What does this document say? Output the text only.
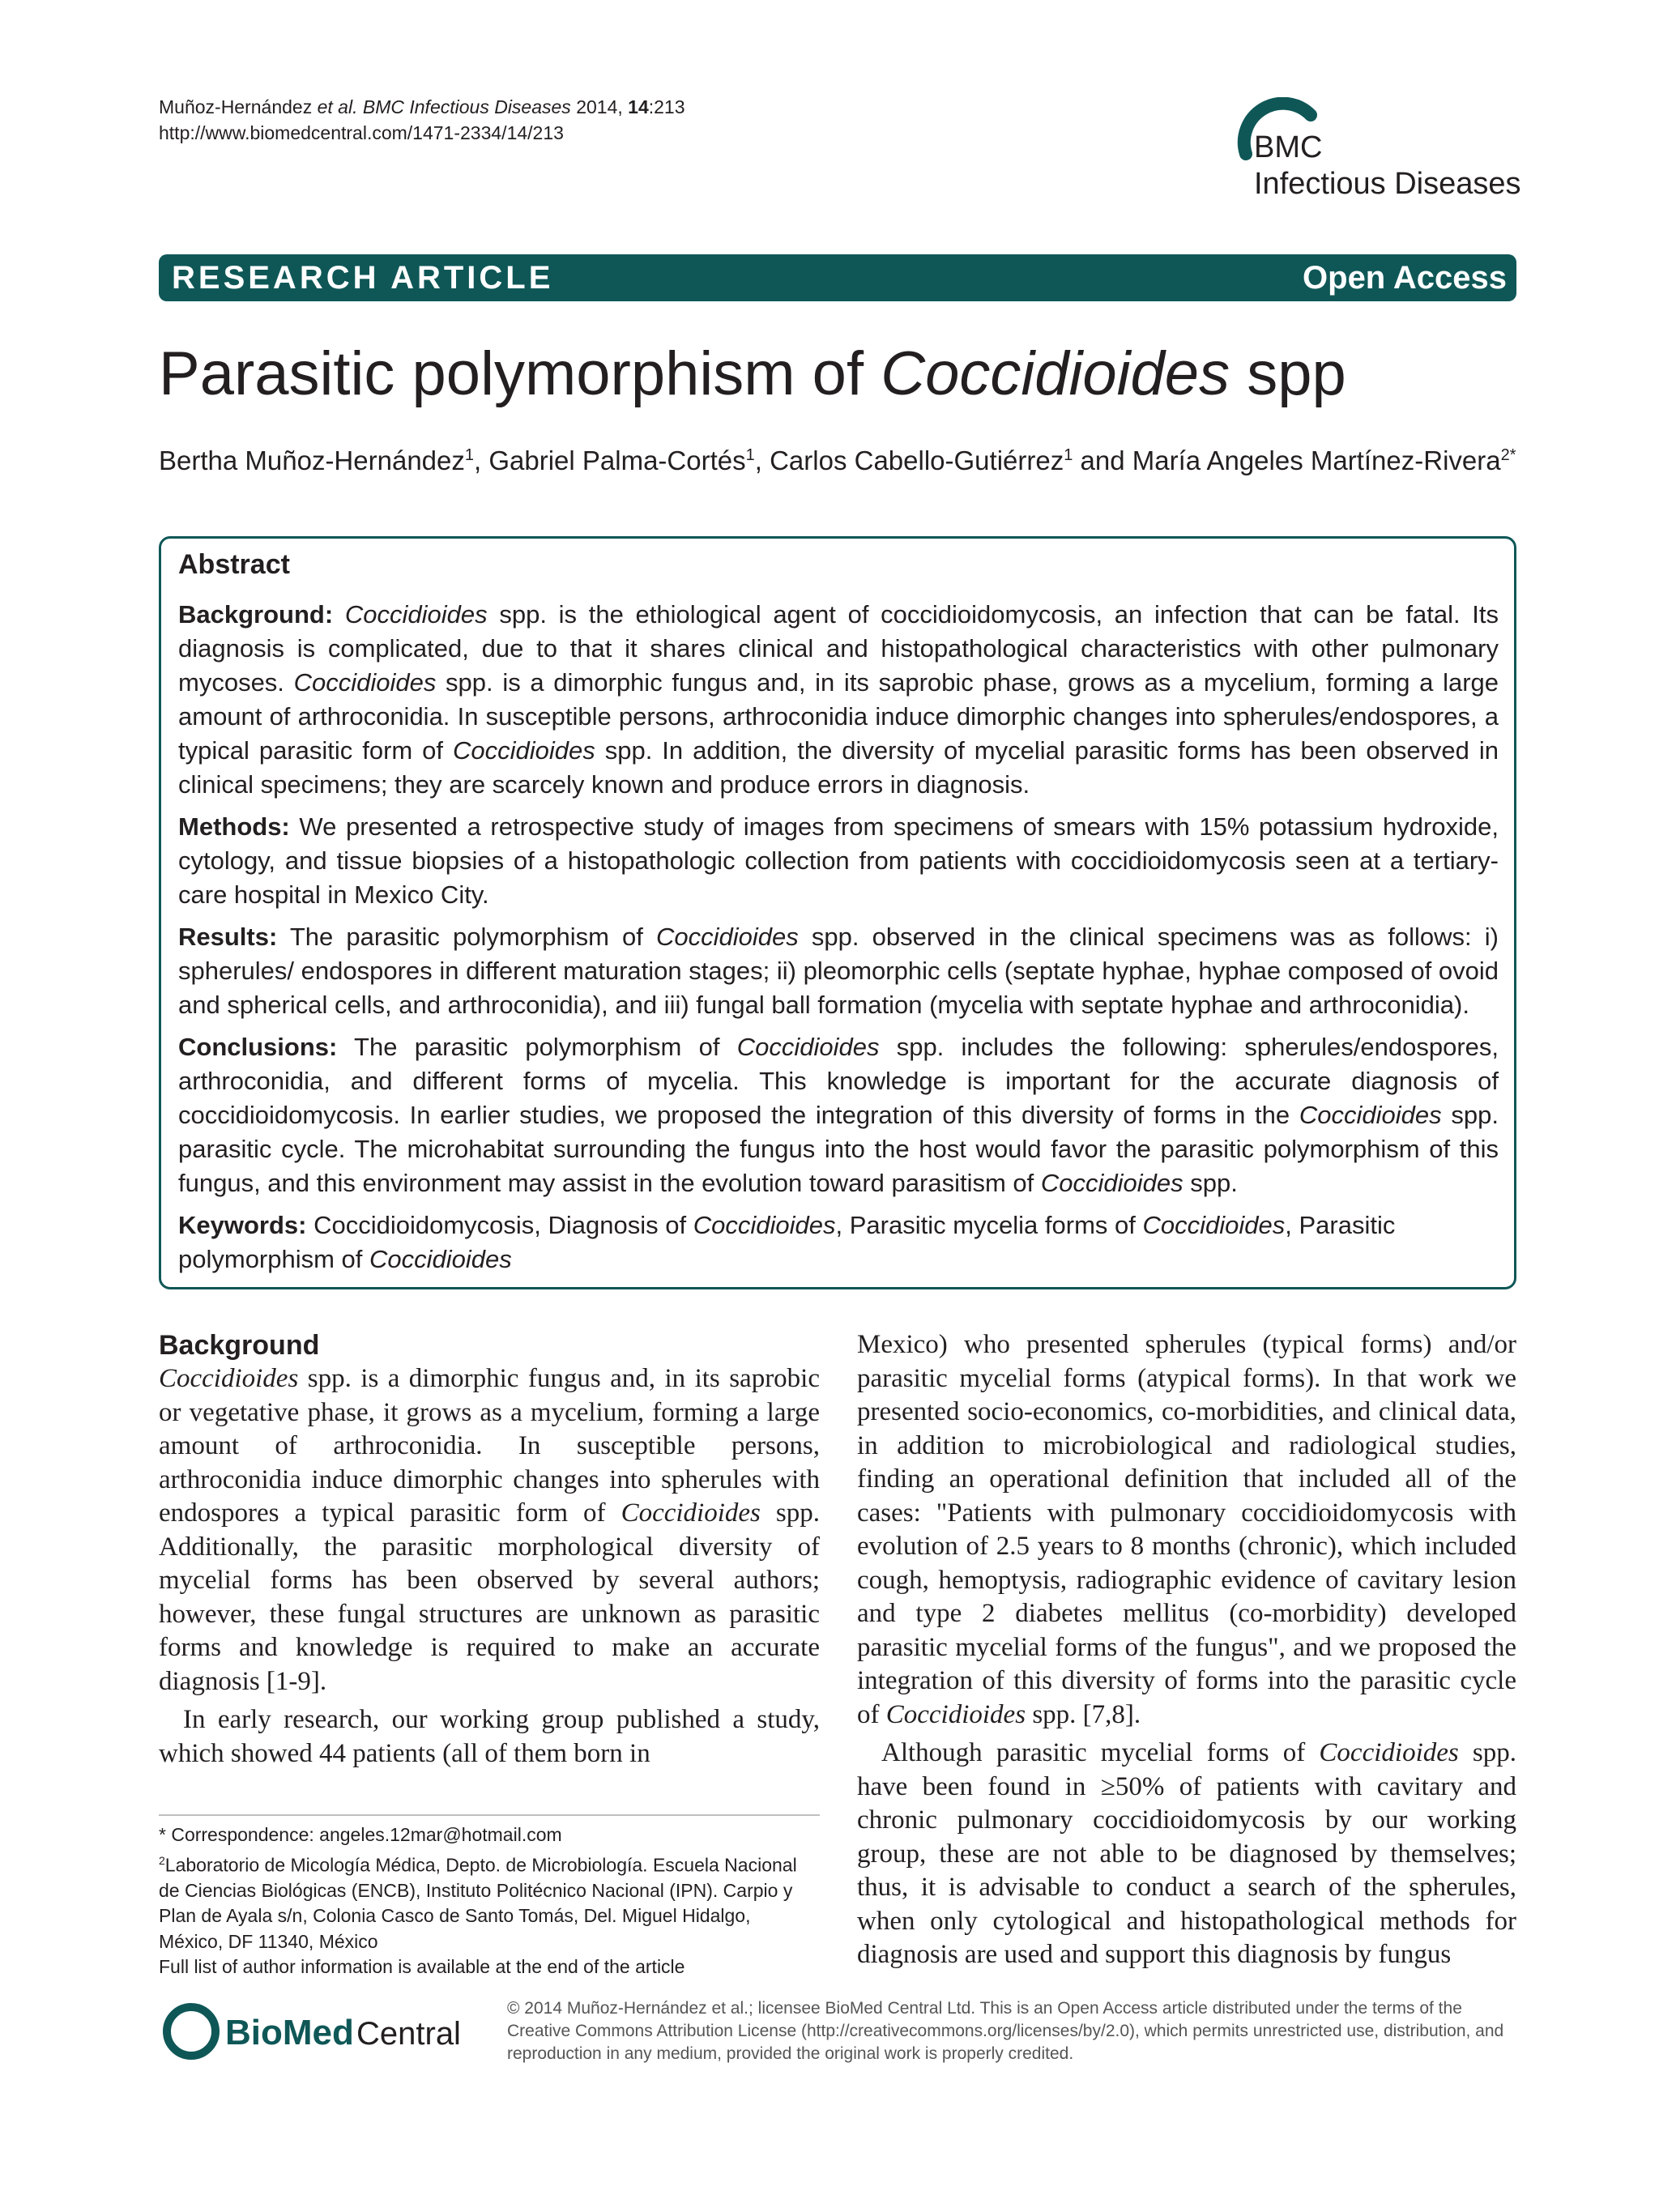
Muñoz-Hernández et al. BMC Infectious Diseases 2014, 14:213
http://www.biomedcentral.com/1471-2334/14/213	BMC
Infectious Diseases
RESEARCH ARTICLE	Open Access
Parasitic polymorphism of Coccidioides spp
Bertha Muñoz-Hernández$^1$, Gabriel Palma-Cortés$^1$, Carlos Cabello-Gutiérrez$^1$ and María Angeles Martínez-Rivera$^{2*}$

Abstract

Background: Coccidioides spp. is the ethiological agent of coccidioidomycosis, an infection that can be fatal. Its diagnosis is complicated, due to that it shares clinical and histopathological characteristics with other pulmonary mycoses. Coccidioides spp. is a dimorphic fungus and, in its saprobic phase, grows as a mycelium, forming a large amount of arthroconidia. In susceptible persons, arthroconidia induce dimorphic changes into spherules/endospores, a typical parasitic form of Coccidioides spp. In addition, the diversity of mycelial parasitic forms has been observed in clinical specimens; they are scarcely known and produce errors in diagnosis.

Methods: We presented a retrospective study of images from specimens of smears with 15% potassium hydroxide, cytology, and tissue biopsies of a histopathologic collection from patients with coccidioidomycosis seen at a tertiary-care hospital in Mexico City.

Results: The parasitic polymorphism of Coccidioides spp. observed in the clinical specimens was as follows: i) spherules/ endospores in different maturation stages; ii) pleomorphic cells (septate hyphae, hyphae composed of ovoid and spherical cells, and arthroconidia), and iii) fungal ball formation (mycelia with septate hyphae and arthroconidia).

Conclusions: The parasitic polymorphism of Coccidioides spp. includes the following: spherules/endospores, arthroconidia, and different forms of mycelia. This knowledge is important for the accurate diagnosis of coccidioidomycosis. In earlier studies, we proposed the integration of this diversity of forms in the Coccidioides spp. parasitic cycle. The microhabitat surrounding the fungus into the host would favor the parasitic polymorphism of this fungus, and this environment may assist in the evolution toward parasitism of Coccidioides spp.

Keywords: Coccidioidomycosis, Diagnosis of Coccidioides, Parasitic mycelia forms of Coccidioides, Parasitic polymorphism of Coccidioides

Background

Coccidioides spp. is a dimorphic fungus and, in its saprobic or vegetative phase, it grows as a mycelium, forming a large amount of arthroconidia. In susceptible persons, arthroconidia induce dimorphic changes into spherules with endospores a typical parasitic form of Coccidioides spp. Additionally, the parasitic morphological diversity of mycelial forms has been observed by several authors; however, these fungal structures are unknown as parasitic forms and knowledge is required to make an accurate diagnosis [1-9].

In early research, our working group published a study, which showed 44 patients (all of them born in

Mexico) who presented spherules (typical forms) and/or parasitic mycelial forms (atypical forms). In that work we presented socio-economics, co-morbidities, and clinical data, in addition to microbiological and radiological studies, finding an operational definition that included all of the cases: "Patients with pulmonary coccidioidomycosis with evolution of 2.5 years to 8 months (chronic), which included cough, hemoptysis, radiographic evidence of cavitary lesion and type 2 diabetes mellitus (co-morbidity) developed parasitic mycelial forms of the fungus", and we proposed the integration of this diversity of forms into the parasitic cycle of Coccidioides spp. [7,8].

Although parasitic mycelial forms of Coccidioides spp. have been found in ≥50% of patients with cavitary and chronic pulmonary coccidioidomycosis by our working group, these are not able to be diagnosed by themselves; thus, it is advisable to conduct a search of the spherules, when only cytological and histopathological methods for diagnosis are used and support this diagnosis by fungus

* Correspondence: angeles.12mar@hotmail.com

$^2$Laboratorio de Micología Médica, Depto. de Microbiología. Escuela Nacional de Ciencias Biológicas (ENCB), Instituto Politécnico Nacional (IPN). Carpio y Plan de Ayala s/n, Colonia Casco de Santo Tomás, Del. Miguel Hidalgo, México, DF 11340, México

Full list of author information is available at the end of the article

BioMed Central
© 2014 Muñoz-Hernández et al.; licensee BioMed Central Ltd. This is an Open Access article distributed under the terms of the Creative Commons Attribution License (http://creativecommons.org/licenses/by/2.0), which permits unrestricted use, distribution, and reproduction in any medium, provided the original work is properly credited.
